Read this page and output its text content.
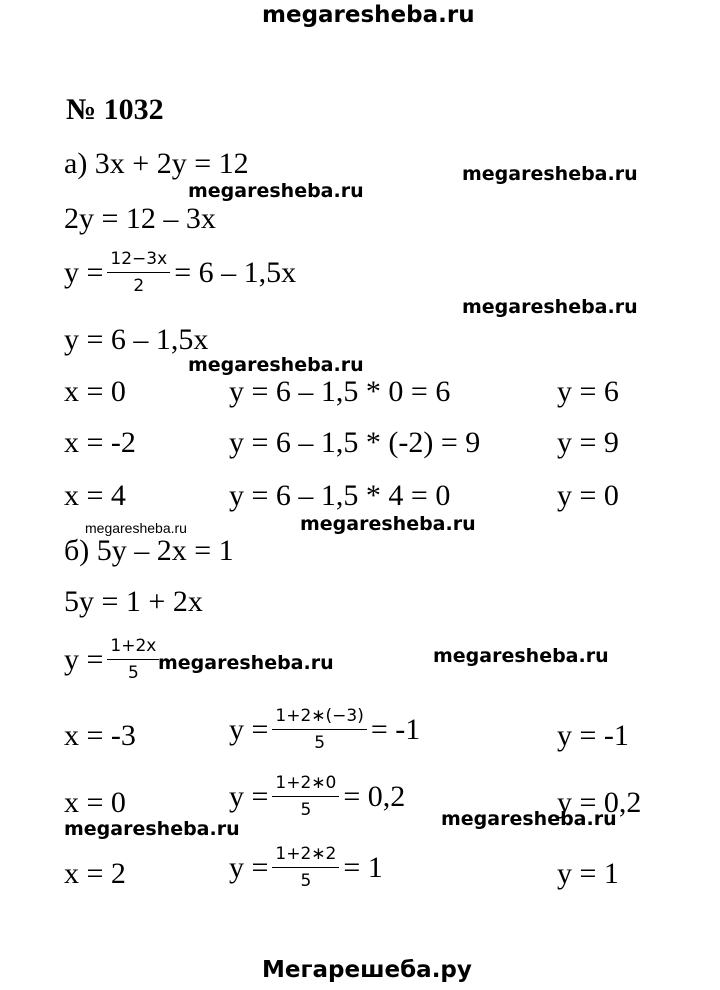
megaresheba.ru
№ 1032
а) 3x + 2y = 12
2y = 12 – 3x
$y = \frac{12-3x}{2} = 6 - 1,5x$
y = 6 – 1,5x
x = 0	y = 6 – 1,5 * 0 = 6	y = 6
x = -2	y = 6 – 1,5 * (-2) = 9	y = 9
x = 4	y = 6 – 1,5 * 4 = 0	y = 0
б) 5y – 2x = 1
5y = 1 + 2x
$y = \frac{1+2x}{5}$
x = -3	$y = \frac{1+2∗(-3)}{5} = -1$	y = -1
x = 0	$y = \frac{1+2∗0}{5} = 0,2$	y = 0,2
x = 2	$y = \frac{1+2∗2}{5} = 1$	y = 1
megaresheba.ru
megaresheba.ru
megaresheba.ru
megaresheba.ru
megaresheba.ru	megaresheba.ru
megaresheba.ru	megaresheba.ru
megaresheba.ru	megaresheba.ru
Мегарешеба.ру
